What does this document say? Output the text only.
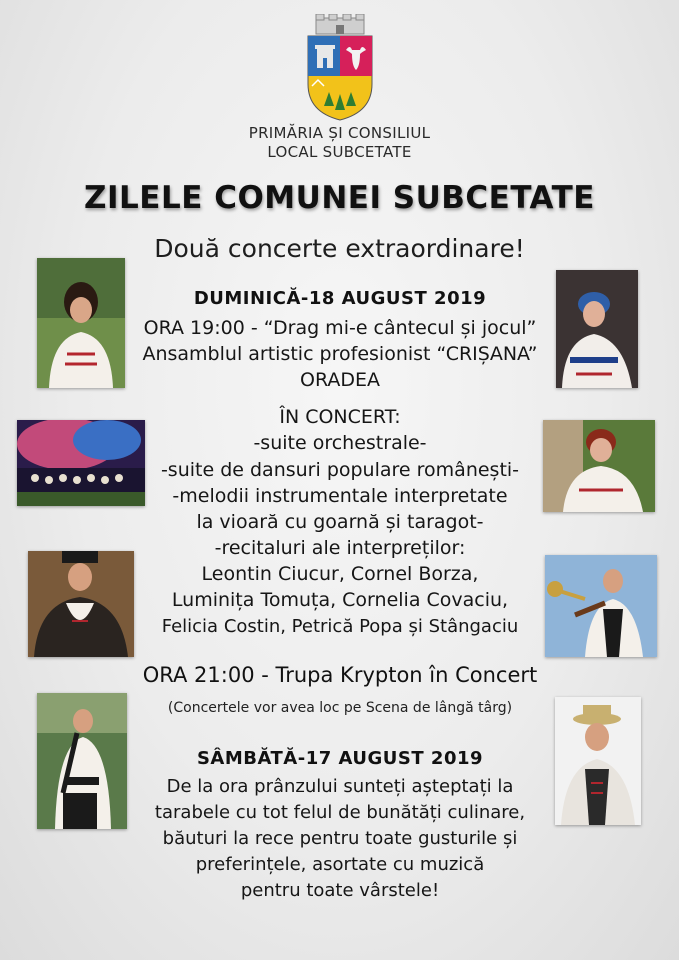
PRIMĂRIA ȘI CONSILIUL
LOCAL SUBCETATE
ZILELE COMUNEI SUBCETATE
Două concerte extraordinare!
DUMINICĂ-18 AUGUST 2019
ORA 19:00 - “Drag mi-e cântecul și jocul”
Ansamblul artistic profesionist “CRIȘANA”
ORADEA
ÎN CONCERT:
-suite orchestrale-
-suite de dansuri populare românești-
-melodii instrumentale interpretate
la vioară cu goarnă și taragot-
-recitaluri ale interpreților:
Leontin Ciucur, Cornel Borza,
Luminița Tomuța, Cornelia Covaciu,
Felicia Costin, Petrică Popa și Stângaciu
ORA 21:00 - Trupa Krypton în Concert
(Concertele vor avea loc pe Scena de lângă târg)
SÂMBĂTĂ-17 AUGUST 2019
De la ora prânzului sunteți așteptați la
tarabele cu tot felul de bunătăți culinare,
băuturi la rece pentru toate gusturile și
preferințele, asortate cu muzică
pentru toate vârstele!
